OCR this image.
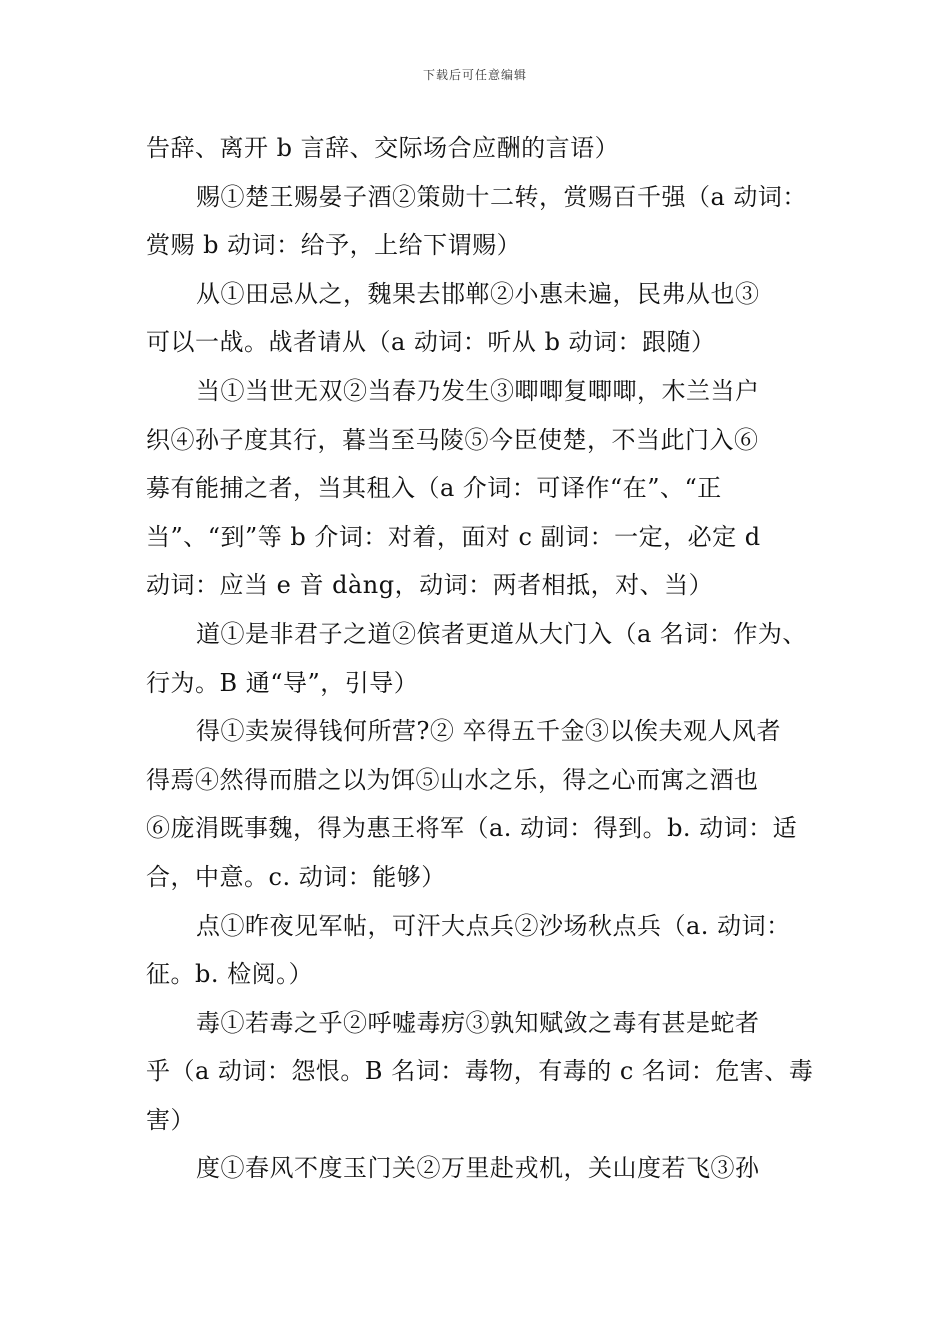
下载后可任意编辑
告辞、离开 b 言辞、交际场合应酬的言语）
赐①楚王赐晏子酒②策勋十二转，赏赐百千强（a 动词：
赏赐 b 动词：给予，上给下谓赐）
从①田忌从之，魏果去邯郸②小惠未遍，民弗从也③
可以一战。战者请从（a 动词：听从 b 动词：跟随）
当①当世无双②当春乃发生③唧唧复唧唧，木兰当户
织④孙子度其行，暮当至马陵⑤今臣使楚，不当此门入⑥
募有能捕之者，当其租入（a 介词：可译作“在”、“正
当”、“到”等 b 介词：对着，面对 c 副词：一定，必定 d
动词：应当 e 音 dàng，动词：两者相抵，对、当）
道①是非君子之道②傧者更道从大门入（a 名词：作为、
行为。B 通“导”，引导）
得①卖炭得钱何所营?② 卒得五千金③以俟夫观人风者
得焉④然得而腊之以为饵⑤山水之乐，得之心而寓之酒也
⑥庞涓既事魏，得为惠王将军（a. 动词：得到。b. 动词：适
合，中意。c. 动词：能够）
点①昨夜见军帖，可汗大点兵②沙场秋点兵（a. 动词：
征。b. 检阅。）
毒①若毒之乎②呼嘘毒疠③孰知赋敛之毒有甚是蛇者
乎（a 动词：怨恨。B 名词：毒物，有毒的 c 名词：危害、毒
害）
度①春风不度玉门关②万里赴戎机，关山度若飞③孙
